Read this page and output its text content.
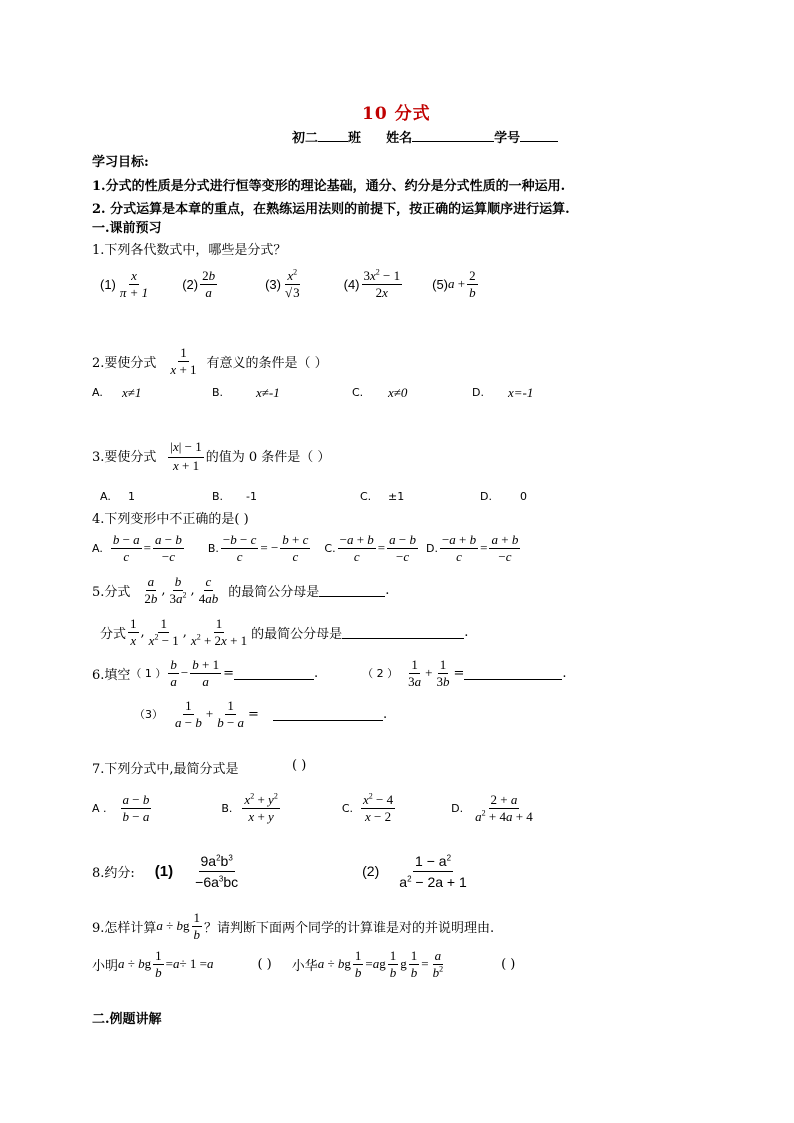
10 分式
初二 班 姓名	学号
学习目标:
1.分式的性质是分式进行恒等变形的理论基础，通分、约分是分式性质的一种运用.
2. 分式运算是本章的重点，在熟练运用法则的前提下，按正确的运算顺序进行运算.
一.课前预习
1.下列各代数式中，哪些是分式？
$(1) \frac{x}{\pi + 1} (2) \frac{2b}{a}$	$(3) \frac{x^2}{√3}$	$(4) \frac{3x^2 - 1}{2x} (5) a + \frac{2}{b}$
2.要使分式 $\frac{1}{x + 1}$ 有意义的条件是（ ）
A. x≠1	B.	x≠-1	C. x≠0	D. x=-1
3.要使分式 $\frac{|x| - 1}{x + 1}$ 的值为 0 条件是（ ）
A. 1	B. -1	C. ±1	D.	0
4.下列变形中不正确的是( )
A. $\frac{b - a}{c} = \frac{a - b}{-c} B$. $\frac{-b - c}{c}$ = − $\frac{b + c}{c} C$. $\frac{-a + b}{c} = \frac{a - b}{-c} D$. $\frac{-a + b}{c} = \frac{a + b}{-c}$
5.分式 $\frac{a}{2b}$ , $\frac{b}{3a^2}$ , $\frac{c}{4ab}$ 的最简公分母是	.
分式 $\frac{1}{x}$ , $\frac{1}{x^2 - 1}$ , $\frac{1}{x^2 + 2x + 1}$ 的最简公分母是	.
6.填空 （ 1 ） $\frac{b}{a} - \frac{b + 1}{a}$ =	.	（ 2 ） $\frac{1}{3a} + \frac{1}{3b}$ =	.
$(3) \frac{1}{a - b} + \frac{1}{b - a}$ =	.
7.下列分式中,最简分式是	( )
A . $\frac{a - b}{b - a}$	B. $\frac{x^2 + y^2}{x + y}$	C. $\frac{x^2 - 4}{x - 2}$	D. $\frac{2 + a}{a^2 + 4a + 4}$
8.约分: $(1) \frac{9a^2b^3}{-6a^3bc}$	$(2) \frac{1 - a^2}{a^2 - 2a + 1}$
9.怎样计算 a ÷ bg $\frac{1}{b}$ ？请判断下面两个同学的计算谁是对的并说明理由.
小明 a ÷ bg $\frac{1}{b} = a \div 1 = a$	( ) 小华 a ÷ bg $\frac{1}{b}$ = ag $\frac{1}{b}$ g $\frac{1}{b} = \frac{a}{b^2}$	( )
二.例题讲解
